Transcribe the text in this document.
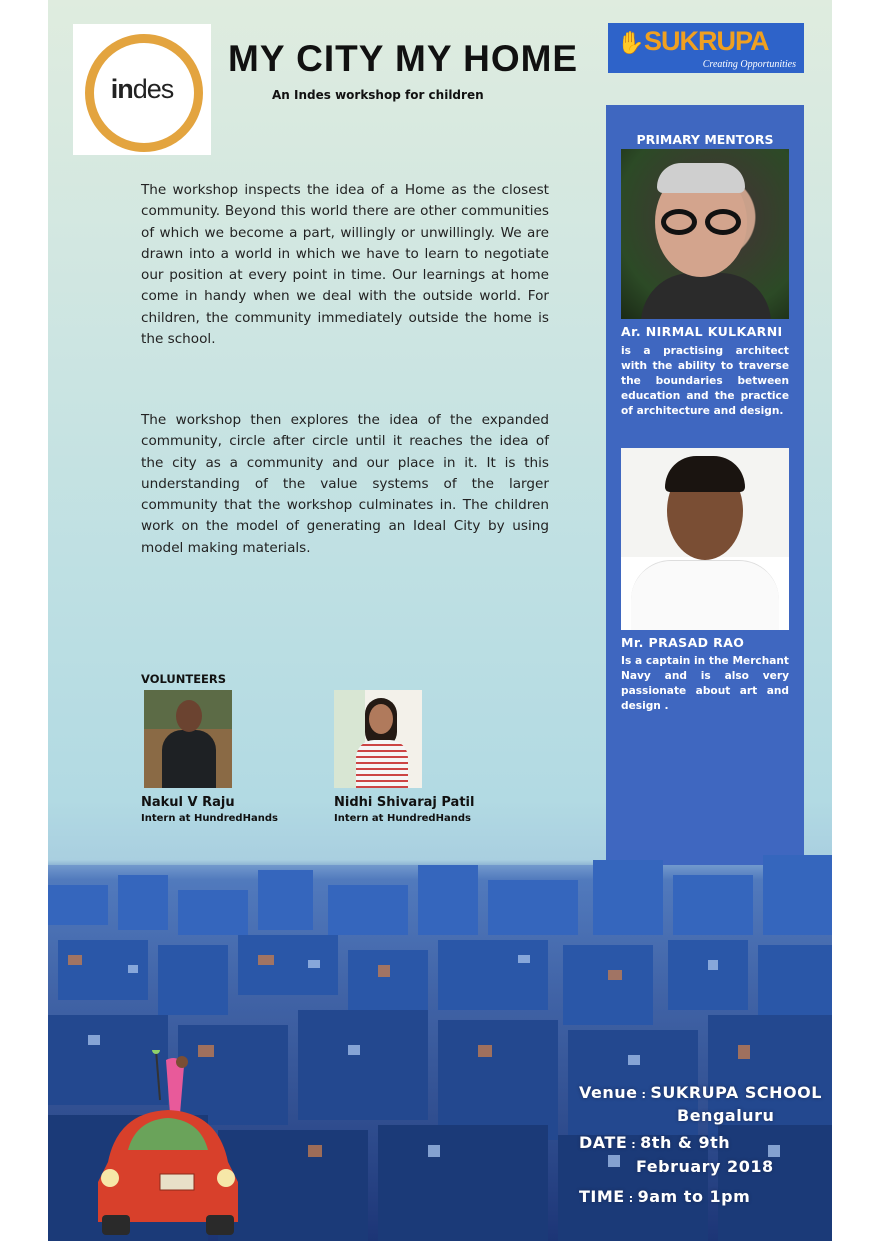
indes
MY CITY MY HOME
An Indes workshop for children
✋ SUKRUPA
Creating Opportunities
The workshop inspects the idea of a Home as the closest community. Beyond this world there are other communities of which we become a part, willingly or unwillingly. We are drawn into a world in which we have to learn to negotiate our position at every point in time. Our learnings at home come in handy when we deal with the outside world. For children, the community immediately outside the home is the school.
The workshop then explores the idea of the expanded community, circle after circle until it reaches the idea of the city as a community and our place in it. It is this understanding of the value systems of the larger community that the workshop culminates in. The children work on the model of generating an Ideal City by using model making materials.
PRIMARY MENTORS
Ar. NIRMAL KULKARNI
is a practising architect with the ability to traverse the boundaries between education and the practice of architecture and design.
Mr. PRASAD RAO
Is a captain in the Merchant Navy and is also very passionate about art and design .
VOLUNTEERS
Nakul V Raju
Intern at HundredHands
Nidhi Shivaraj Patil
Intern at HundredHands
Venue : SUKRUPA SCHOOL
Bengaluru
DATE : 8th & 9th
February 2018
TIME : 9am to 1pm
